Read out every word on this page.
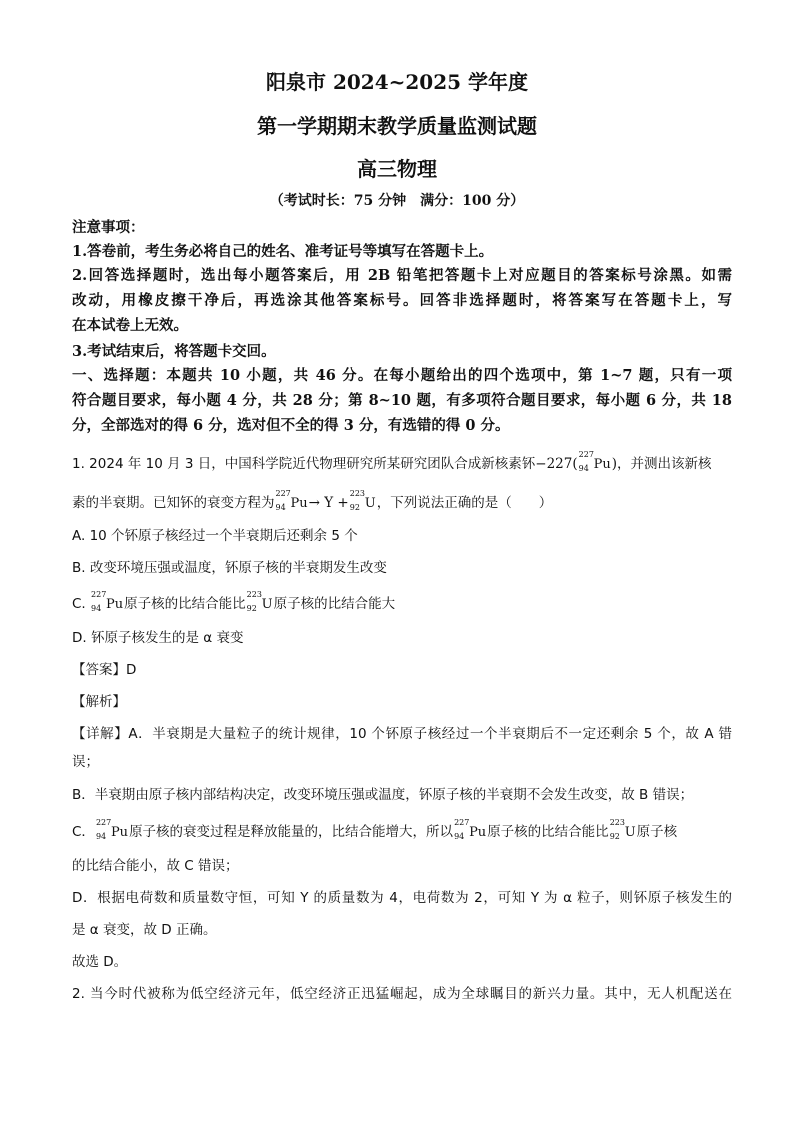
阳泉市 2024~2025 学年度
第一学期期末教学质量监测试题
高三物理
（考试时长：75 分钟　满分：100 分）
注意事项：
1.答卷前，考生务必将自己的姓名、准考证号等填写在答题卡上。
2.回答选择题时，选出每小题答案后，用 2B 铅笔把答题卡上对应题目的答案标号涂黑。如需
改动，用橡皮擦干净后，再选涂其他答案标号。回答非选择题时，将答案写在答题卡上，写
在本试卷上无效。
3.考试结束后，将答题卡交回。
一、选择题：本题共 10 小题，共 46 分。在每小题给出的四个选项中，第 1~7 题，只有一项
符合题目要求，每小题 4 分，共 28 分；第 8~10 题，有多项符合题目要求，每小题 6 分，共 18
分，全部选对的得 6 分，选对但不全的得 3 分，有选错的得 0 分。
1. 2024 年 10 月 3 日，中国科学院近代物理研究所某研究团队合成新核素钚−227(
227
94 Pu)，并测出该新核
素的半衰期。已知钚的衰变方程为
227
94 Pu→ Y +
223
92 U，下列说法正确的是（　　）
A. 10 个钚原子核经过一个半衰期后还剩余 5 个
B. 改变环境压强或温度，钚原子核的半衰期发生改变
C.
227
94 Pu原子核的比结合能比
223
92 U原子核的比结合能大
D. 钚原子核发生的是 α 衰变
【答案】D
【解析】
【详解】A．半衰期是大量粒子的统计规律，10 个钚原子核经过一个半衰期后不一定还剩余 5 个，故 A 错
误；
B．半衰期由原子核内部结构决定，改变环境压强或温度，钚原子核的半衰期不会发生改变，故 B 错误；
C．
227
94 Pu原子核的衰变过程是释放能量的，比结合能增大，所以
227
94 Pu原子核的比结合能比
223
92 U原子核
的比结合能小，故 C 错误；
D．根据电荷数和质量数守恒，可知 Y 的质量数为 4，电荷数为 2，可知 Y 为 α 粒子，则钚原子核发生的
是 α 衰变，故 D 正确。
故选 D。
2. 当今时代被称为低空经济元年，低空经济正迅猛崛起，成为全球瞩目的新兴力量。其中，无人机配送在
